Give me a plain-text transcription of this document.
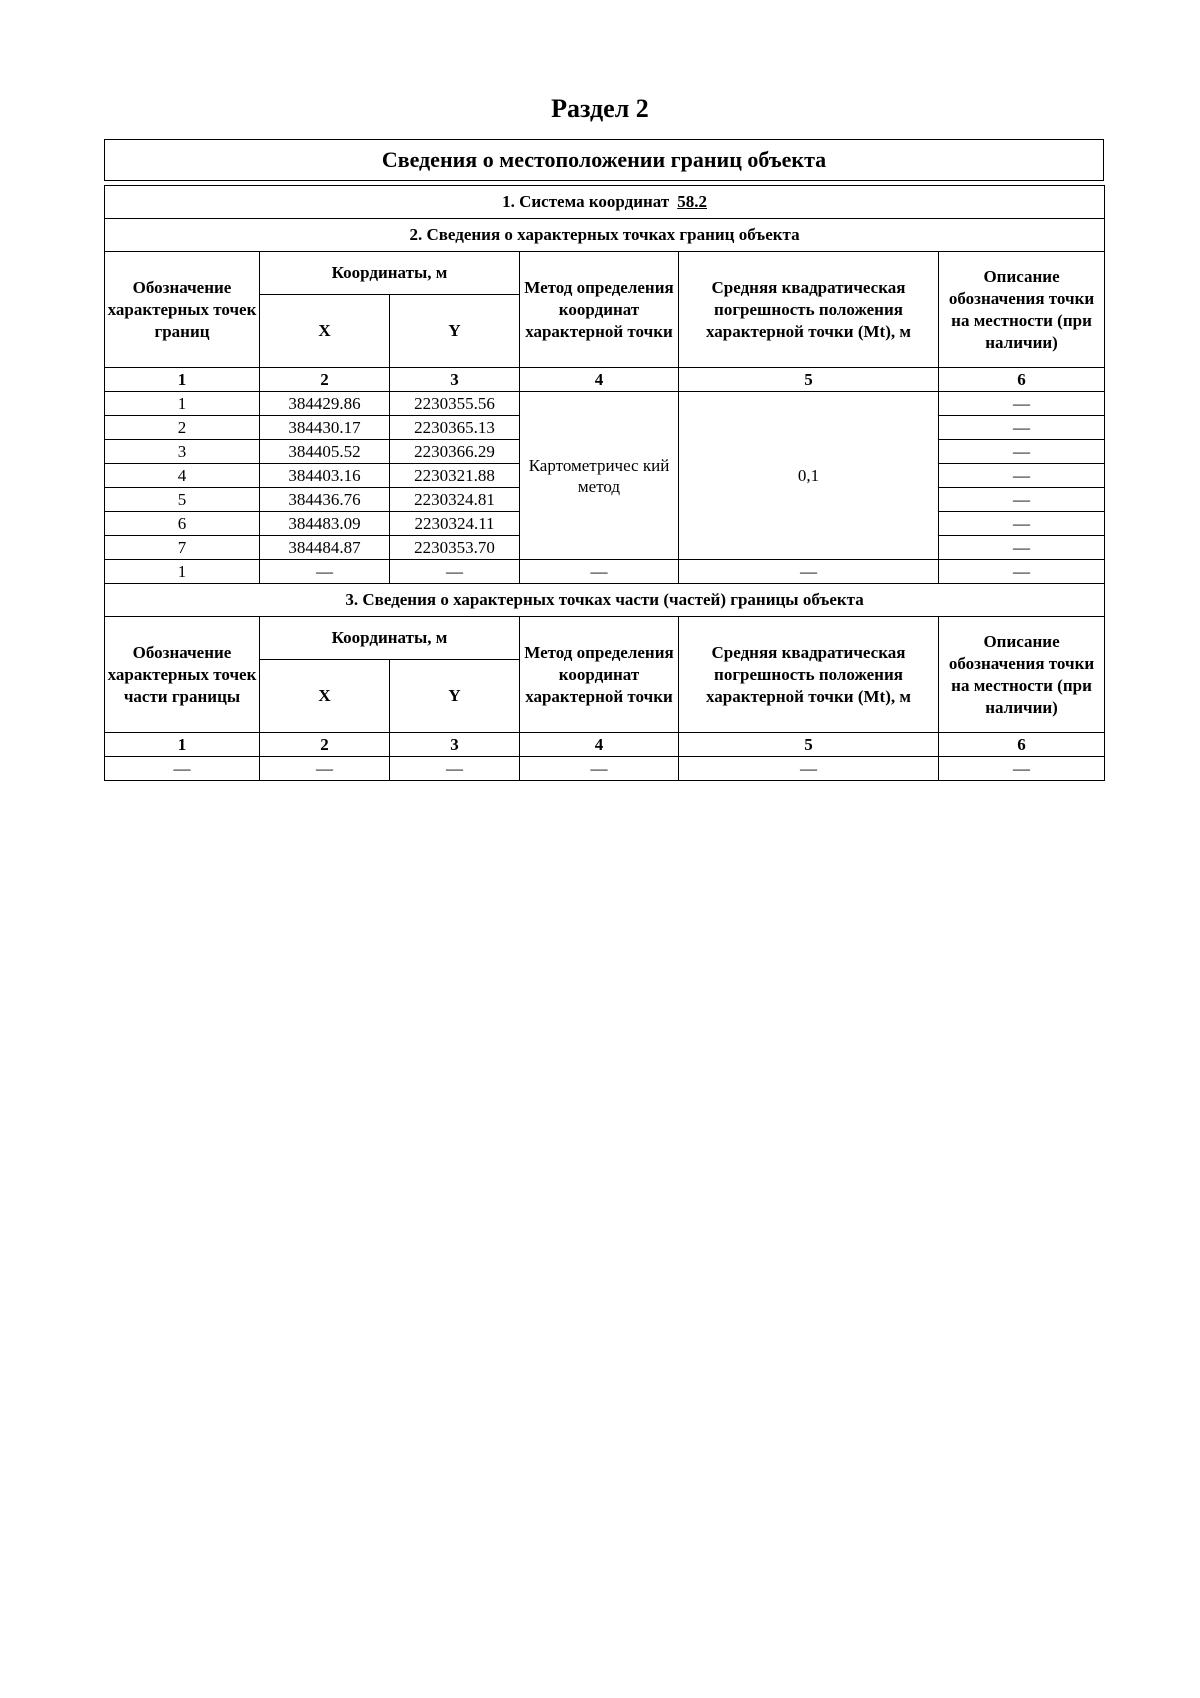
Раздел 2
Сведения о местоположении границ объекта
1. Система координат 58.2					
2. Сведения о характерных точках границ объекта					
Обозначение характерных точек границ	Координаты, м		Метод определения координат характерной точки	Средняя квадратическая погрешность положения характерной точки (Mt), м	Описание обозначения точки на местности (при наличии)
	X	Y			
1	2	3	4	5	6
1	384429.86	2230355.56	Картометричес кий метод	0,1	—
2	384430.17	2230365.13			—
3	384405.52	2230366.29			—
4	384403.16	2230321.88			—
5	384436.76	2230324.81			—
6	384483.09	2230324.11			—
7	384484.87	2230353.70			—
1	—	—	—	—	—
3. Сведения о характерных точках части (частей) границы объекта					
Обозначение характерных точек части границы	Координаты, м		Метод определения координат характерной точки	Средняя квадратическая погрешность положения характерной точки (Mt), м	Описание обозначения точки на местности (при наличии)
	X	Y			
1	2	3	4	5	6
—	—	—	—	—	—
